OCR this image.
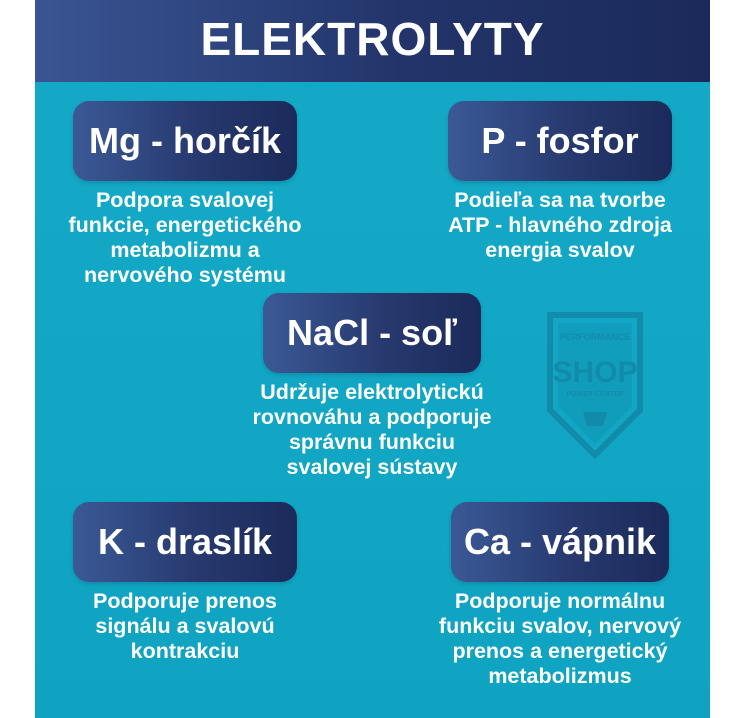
ELEKTROLYTY
PERFORMANCE
SHOP
POWER CENTER
Mg - horčík
Podpora svalovej
funkcie, energetického
metabolizmu a
nervového systému
P - fosfor
Podieľa sa na tvorbe
ATP - hlavného zdroja
energia svalov
NaCl - soľ
Udržuje elektrolytickú
rovnováhu a podporuje
správnu funkciu
svalovej sústavy
K - draslík
Podporuje prenos
signálu a svalovú
kontrakciu
Ca - vápnik
Podporuje normálnu
funkciu svalov, nervový
prenos a energetický
metabolizmus
